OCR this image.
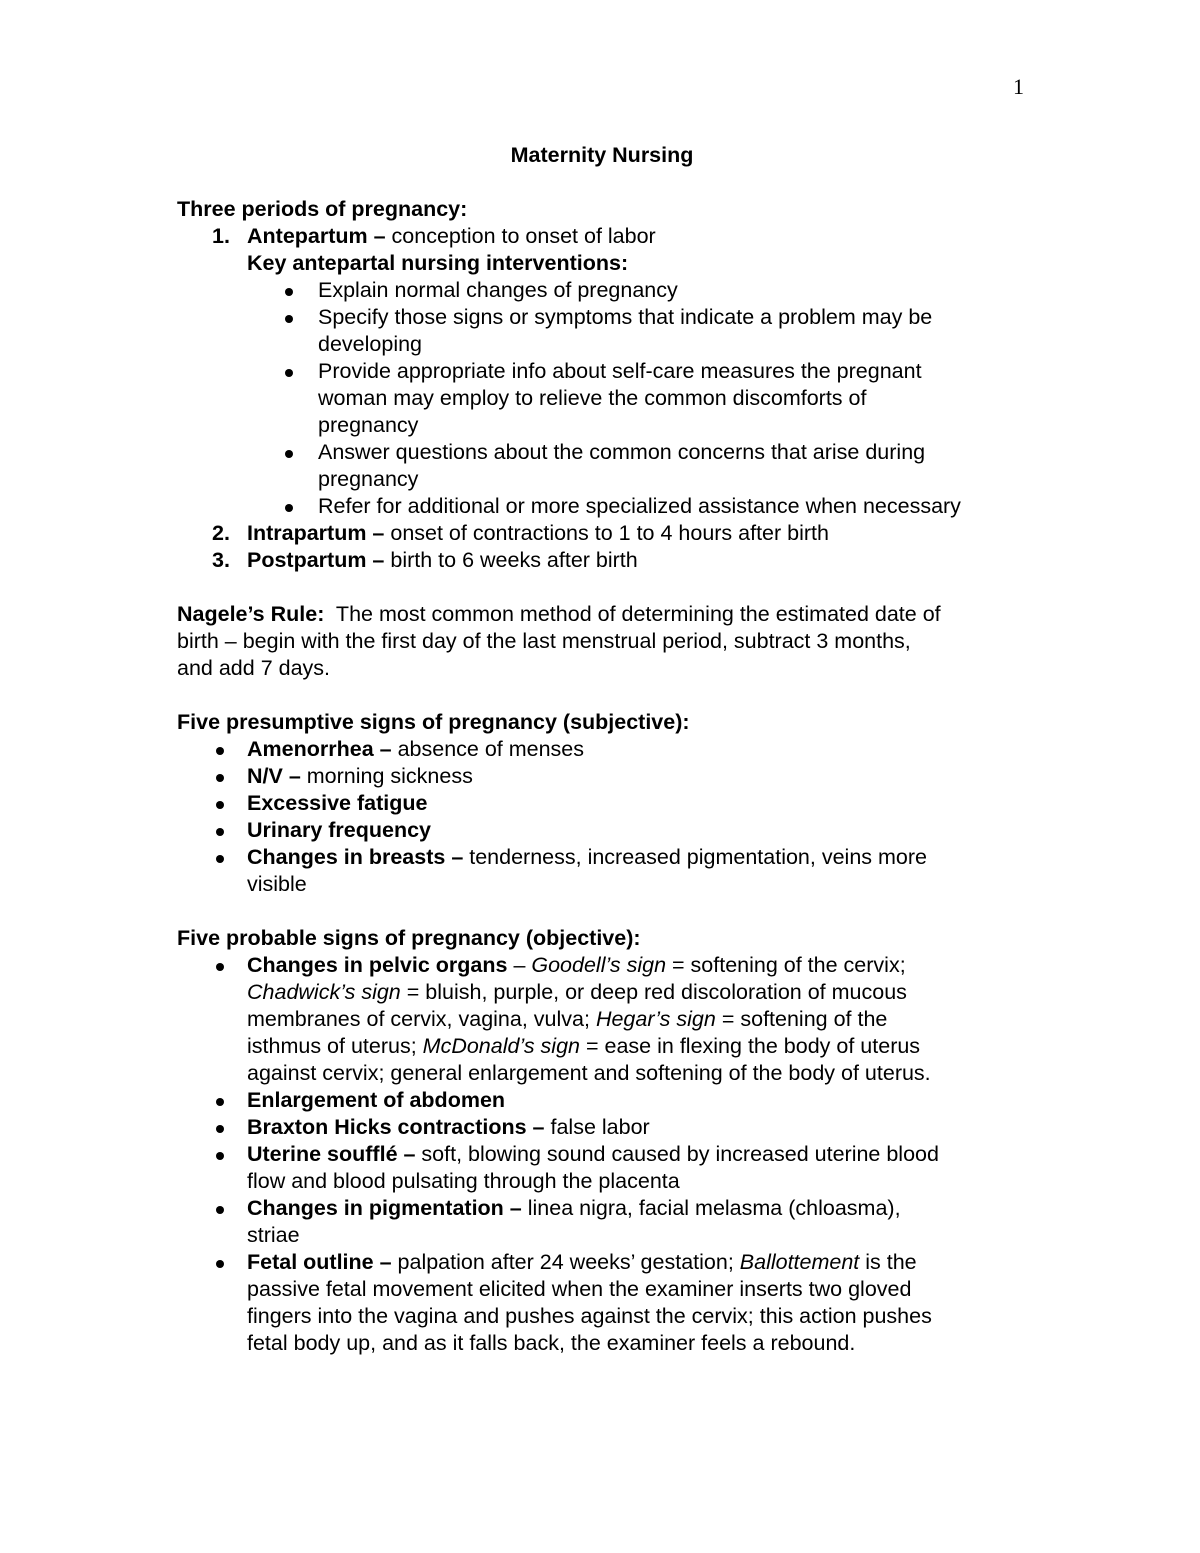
1
Maternity Nursing
Three periods of pregnancy:
1. Antepartum – conception to onset of labor
Key antepartal nursing interventions:
Explain normal changes of pregnancy
Specify those signs or symptoms that indicate a problem may be
developing
Provide appropriate info about self-care measures the pregnant
woman may employ to relieve the common discomforts of
pregnancy
Answer questions about the common concerns that arise during
pregnancy
Refer for additional or more specialized assistance when necessary
2. Intrapartum – onset of contractions to 1 to 4 hours after birth
3. Postpartum – birth to 6 weeks after birth
Nagele’s Rule:  The most common method of determining the estimated date of
birth – begin with the first day of the last menstrual period, subtract 3 months,
and add 7 days.
Five presumptive signs of pregnancy (subjective):
Amenorrhea – absence of menses
N/V – morning sickness
Excessive fatigue
Urinary frequency
Changes in breasts – tenderness, increased pigmentation, veins more
visible
Five probable signs of pregnancy (objective):
Changes in pelvic organs – Goodell’s sign = softening of the cervix;
Chadwick’s sign = bluish, purple, or deep red discoloration of mucous
membranes of cervix, vagina, vulva; Hegar’s sign = softening of the
isthmus of uterus; McDonald’s sign = ease in flexing the body of uterus
against cervix; general enlargement and softening of the body of uterus.
Enlargement of abdomen
Braxton Hicks contractions – false labor
Uterine soufflé – soft, blowing sound caused by increased uterine blood
flow and blood pulsating through the placenta
Changes in pigmentation – linea nigra, facial melasma (chloasma),
striae
Fetal outline – palpation after 24 weeks’ gestation; Ballottement is the
passive fetal movement elicited when the examiner inserts two gloved
fingers into the vagina and pushes against the cervix; this action pushes
fetal body up, and as it falls back, the examiner feels a rebound.
